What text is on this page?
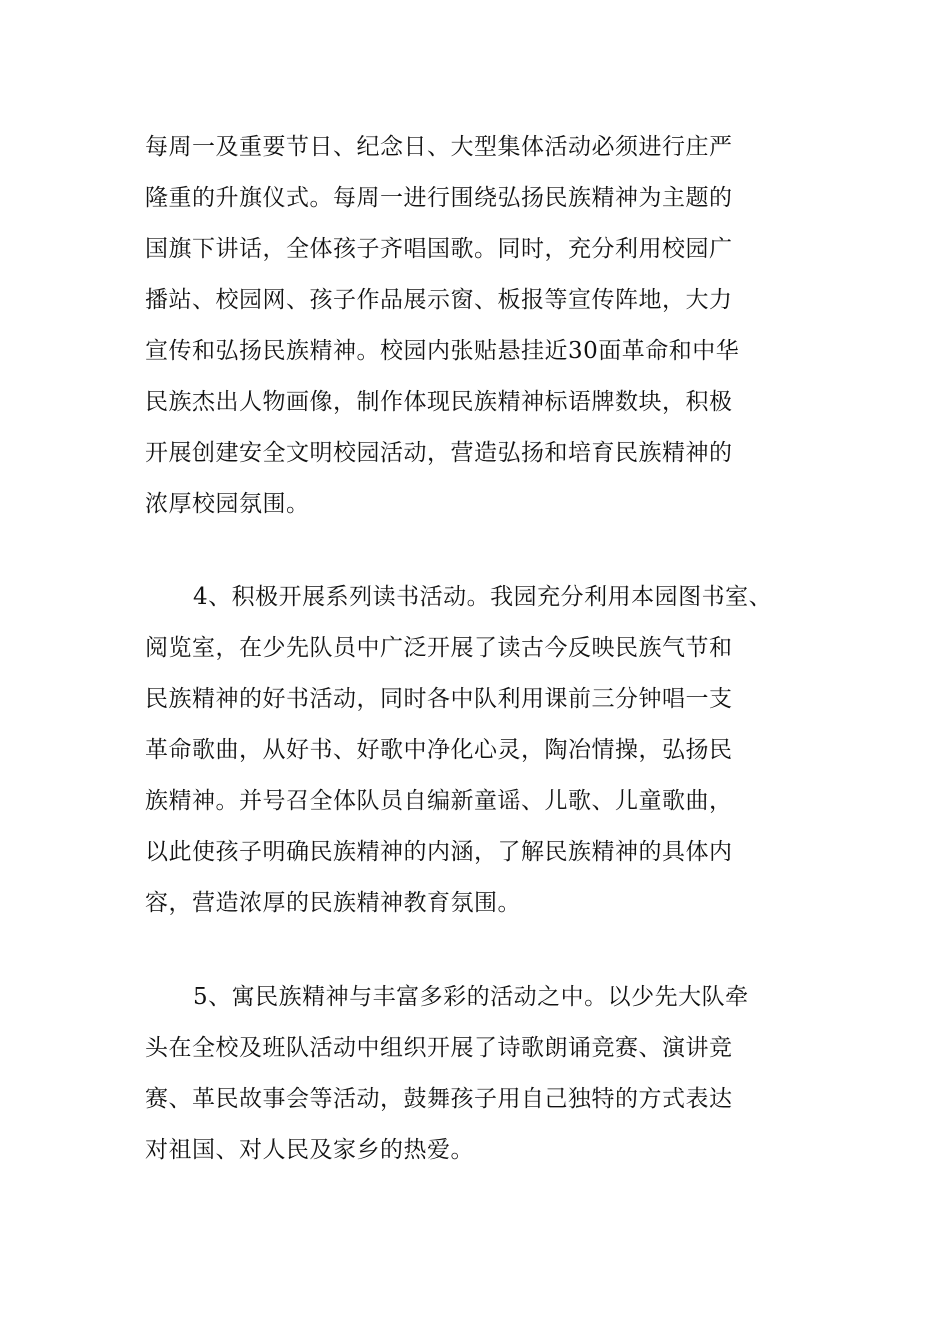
每周一及重要节日、纪念日、大型集体活动必须进行庄严
隆重的升旗仪式。每周一进行围绕弘扬民族精神为主题的
国旗下讲话，全体孩子齐唱国歌。同时，充分利用校园广
播站、校园网、孩子作品展示窗、板报等宣传阵地，大力
宣传和弘扬民族精神。校园内张贴悬挂近30面革命和中华
民族杰出人物画像，制作体现民族精神标语牌数块，积极
开展创建安全文明校园活动，营造弘扬和培育民族精神的
浓厚校园氛围。
4、积极开展系列读书活动。我园充分利用本园图书室、
阅览室，在少先队员中广泛开展了读古今反映民族气节和
民族精神的好书活动，同时各中队利用课前三分钟唱一支
革命歌曲，从好书、好歌中净化心灵，陶冶情操，弘扬民
族精神。并号召全体队员自编新童谣、儿歌、儿童歌曲，
以此使孩子明确民族精神的内涵，了解民族精神的具体内
容，营造浓厚的民族精神教育氛围。
5、寓民族精神与丰富多彩的活动之中。以少先大队牵
头在全校及班队活动中组织开展了诗歌朗诵竞赛、演讲竞
赛、革民故事会等活动，鼓舞孩子用自己独特的方式表达
对祖国、对人民及家乡的热爱。
